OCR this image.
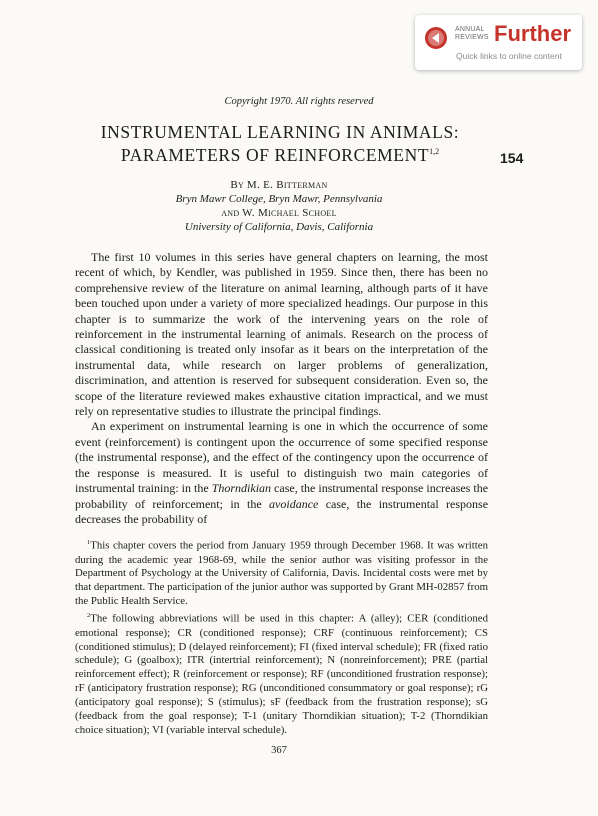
ANNUAL
REVIEWS Further
Quick links to online content
Copyright 1970. All rights reserved
INSTRUMENTAL LEARNING IN ANIMALS:
PARAMETERS OF REINFORCEMENT$^{1,2}$	154
By M. E. Bitterman
Bryn Mawr College, Bryn Mawr, Pennsylvania
and W. Michael Schoel
University of California, Davis, California

The first 10 volumes in this series have general chapters on learning, the most recent of which, by Kendler, was published in 1959. Since then, there has been no comprehensive review of the literature on animal learning, although parts of it have been touched upon under a variety of more specialized headings. Our purpose in this chapter is to summarize the work of the intervening years on the role of reinforcement in the instrumental learning of animals. Research on the process of classical conditioning is treated only insofar as it bears on the interpretation of the instrumental data, while research on larger problems of generalization, discrimination, and attention is reserved for subsequent consideration. Even so, the scope of the literature reviewed makes exhaustive citation impractical, and we must rely on representative studies to illustrate the principal findings.

An experiment on instrumental learning is one in which the occurrence of some event (reinforcement) is contingent upon the occurrence of some specified response (the instrumental response), and the effect of the contingency upon the occurrence of the response is measured. It is useful to distinguish two main categories of instrumental training: in the Thorndikian case, the instrumental response increases the probability of reinforcement; in the avoidance case, the instrumental response decreases the probability of

$^1$This chapter covers the period from January 1959 through December 1968. It was written during the academic year 1968-69, while the senior author was visiting professor in the Department of Psychology at the University of California, Davis. Incidental costs were met by that department. The participation of the junior author was supported by Grant MH-02857 from the Public Health Service.

$^2$The following abbreviations will be used in this chapter: A (alley); CER (conditioned emotional response); CR (conditioned response); CRF (continuous reinforcement); CS (conditioned stimulus); D (delayed reinforcement); FI (fixed interval schedule); FR (fixed ratio schedule); G (goalbox); ITR (intertrial reinforcement); N (nonreinforcement); PRE (partial reinforcement effect); R (reinforcement or response); RF (unconditioned frustration response); rF (anticipatory frustration response); RG (unconditioned consummatory or goal response); rG (anticipatory goal response); S (stimulus); sF (feedback from the frustration response); sG (feedback from the goal response); T-1 (unitary Thorndikian situation); T-2 (Thorndikian choice situation); VI (variable interval schedule).

367
